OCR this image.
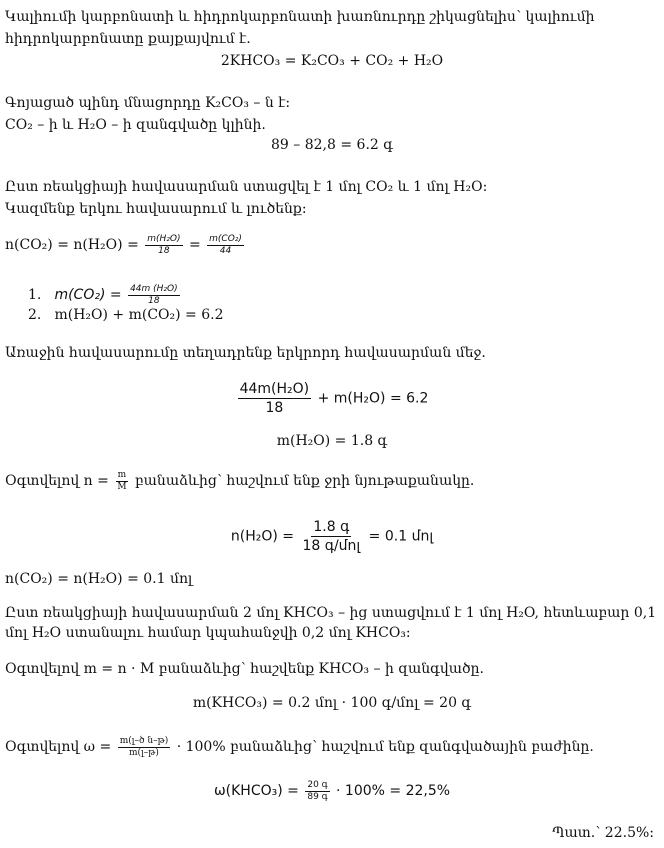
Կալիումի կարբոնատի և հիդրոկարբոնատի խառնուրդը շիկացնելիս՝ կալիումի
հիդրոկարբոնատը քայքայվում է.
2KHCO₃ = K₂CO₃ + CO₂ + H₂O
Գոյացած պինդ մնացորդը K₂CO₃ – ն է:
CO₂ – ի և H₂O – ի զանգվածը կլինի.
89 – 82,8 = 6.2 գ
Ըստ ռեակցիայի հավասարման ստացվել է 1 մոլ CO₂ և 1 մոլ H₂O:
Կազմենք երկու հավասարում և լուծենք:
$n(CO_2) = n(H_2O) = \frac{\text{m(H₂O)}}{18} = \frac{\text{m(CO₂)}}{44}$
1. $m(CO_2) = \frac{\text{44m (H₂O)}}{18}$
2. m(H₂O) + m(CO₂) = 6.2
Առաջին հավասարումը տեղադրենք երկրորդ հավասարման մեջ.
$\frac{\text{44m(H₂O)}}{18} + m(H_2O) = 6.2$
m(H₂O) = 1.8 գ
Օգտվելով $n = \frac{m}{M}$ բանաձևից՝ հաշվում ենք ջրի նյութաքանակը.
$n(H_2O) = \frac{\text{1.8 գ}}{\text{18 գ/մոլ}} = 0.1$ մոլ
n(CO₂) = n(H₂O) = 0.1 մոլ
Ըստ ռեակցիայի հավասարման 2 մոլ KHCO₃ – ից ստացվում է 1 մոլ H₂O, հետևաբար 0,1
մոլ H₂O ստանալու համար կպահանջվի 0,2 մոլ KHCO₃:
Օգտվելով m = n · M բանաձևից՝ հաշվենք KHCO₃ – ի զանգվածը.
m(KHCO₃) = 0.2 մոլ · 100 գ/մոլ = 20 գ
Օգտվելով $\omega = \frac{\text{m(լ–ծ ն–թ)}}{\text{m(լ–թ)}} \cdot 100\%$ բանաձևից՝ հաշվում ենք զանգվածային բաժինը.
ω(KHCO₃) = $\frac{\text{20 գ}}{\text{89 գ}} \cdot 100\% = 22,5\%$
Պատ.՝ 22.5%:
